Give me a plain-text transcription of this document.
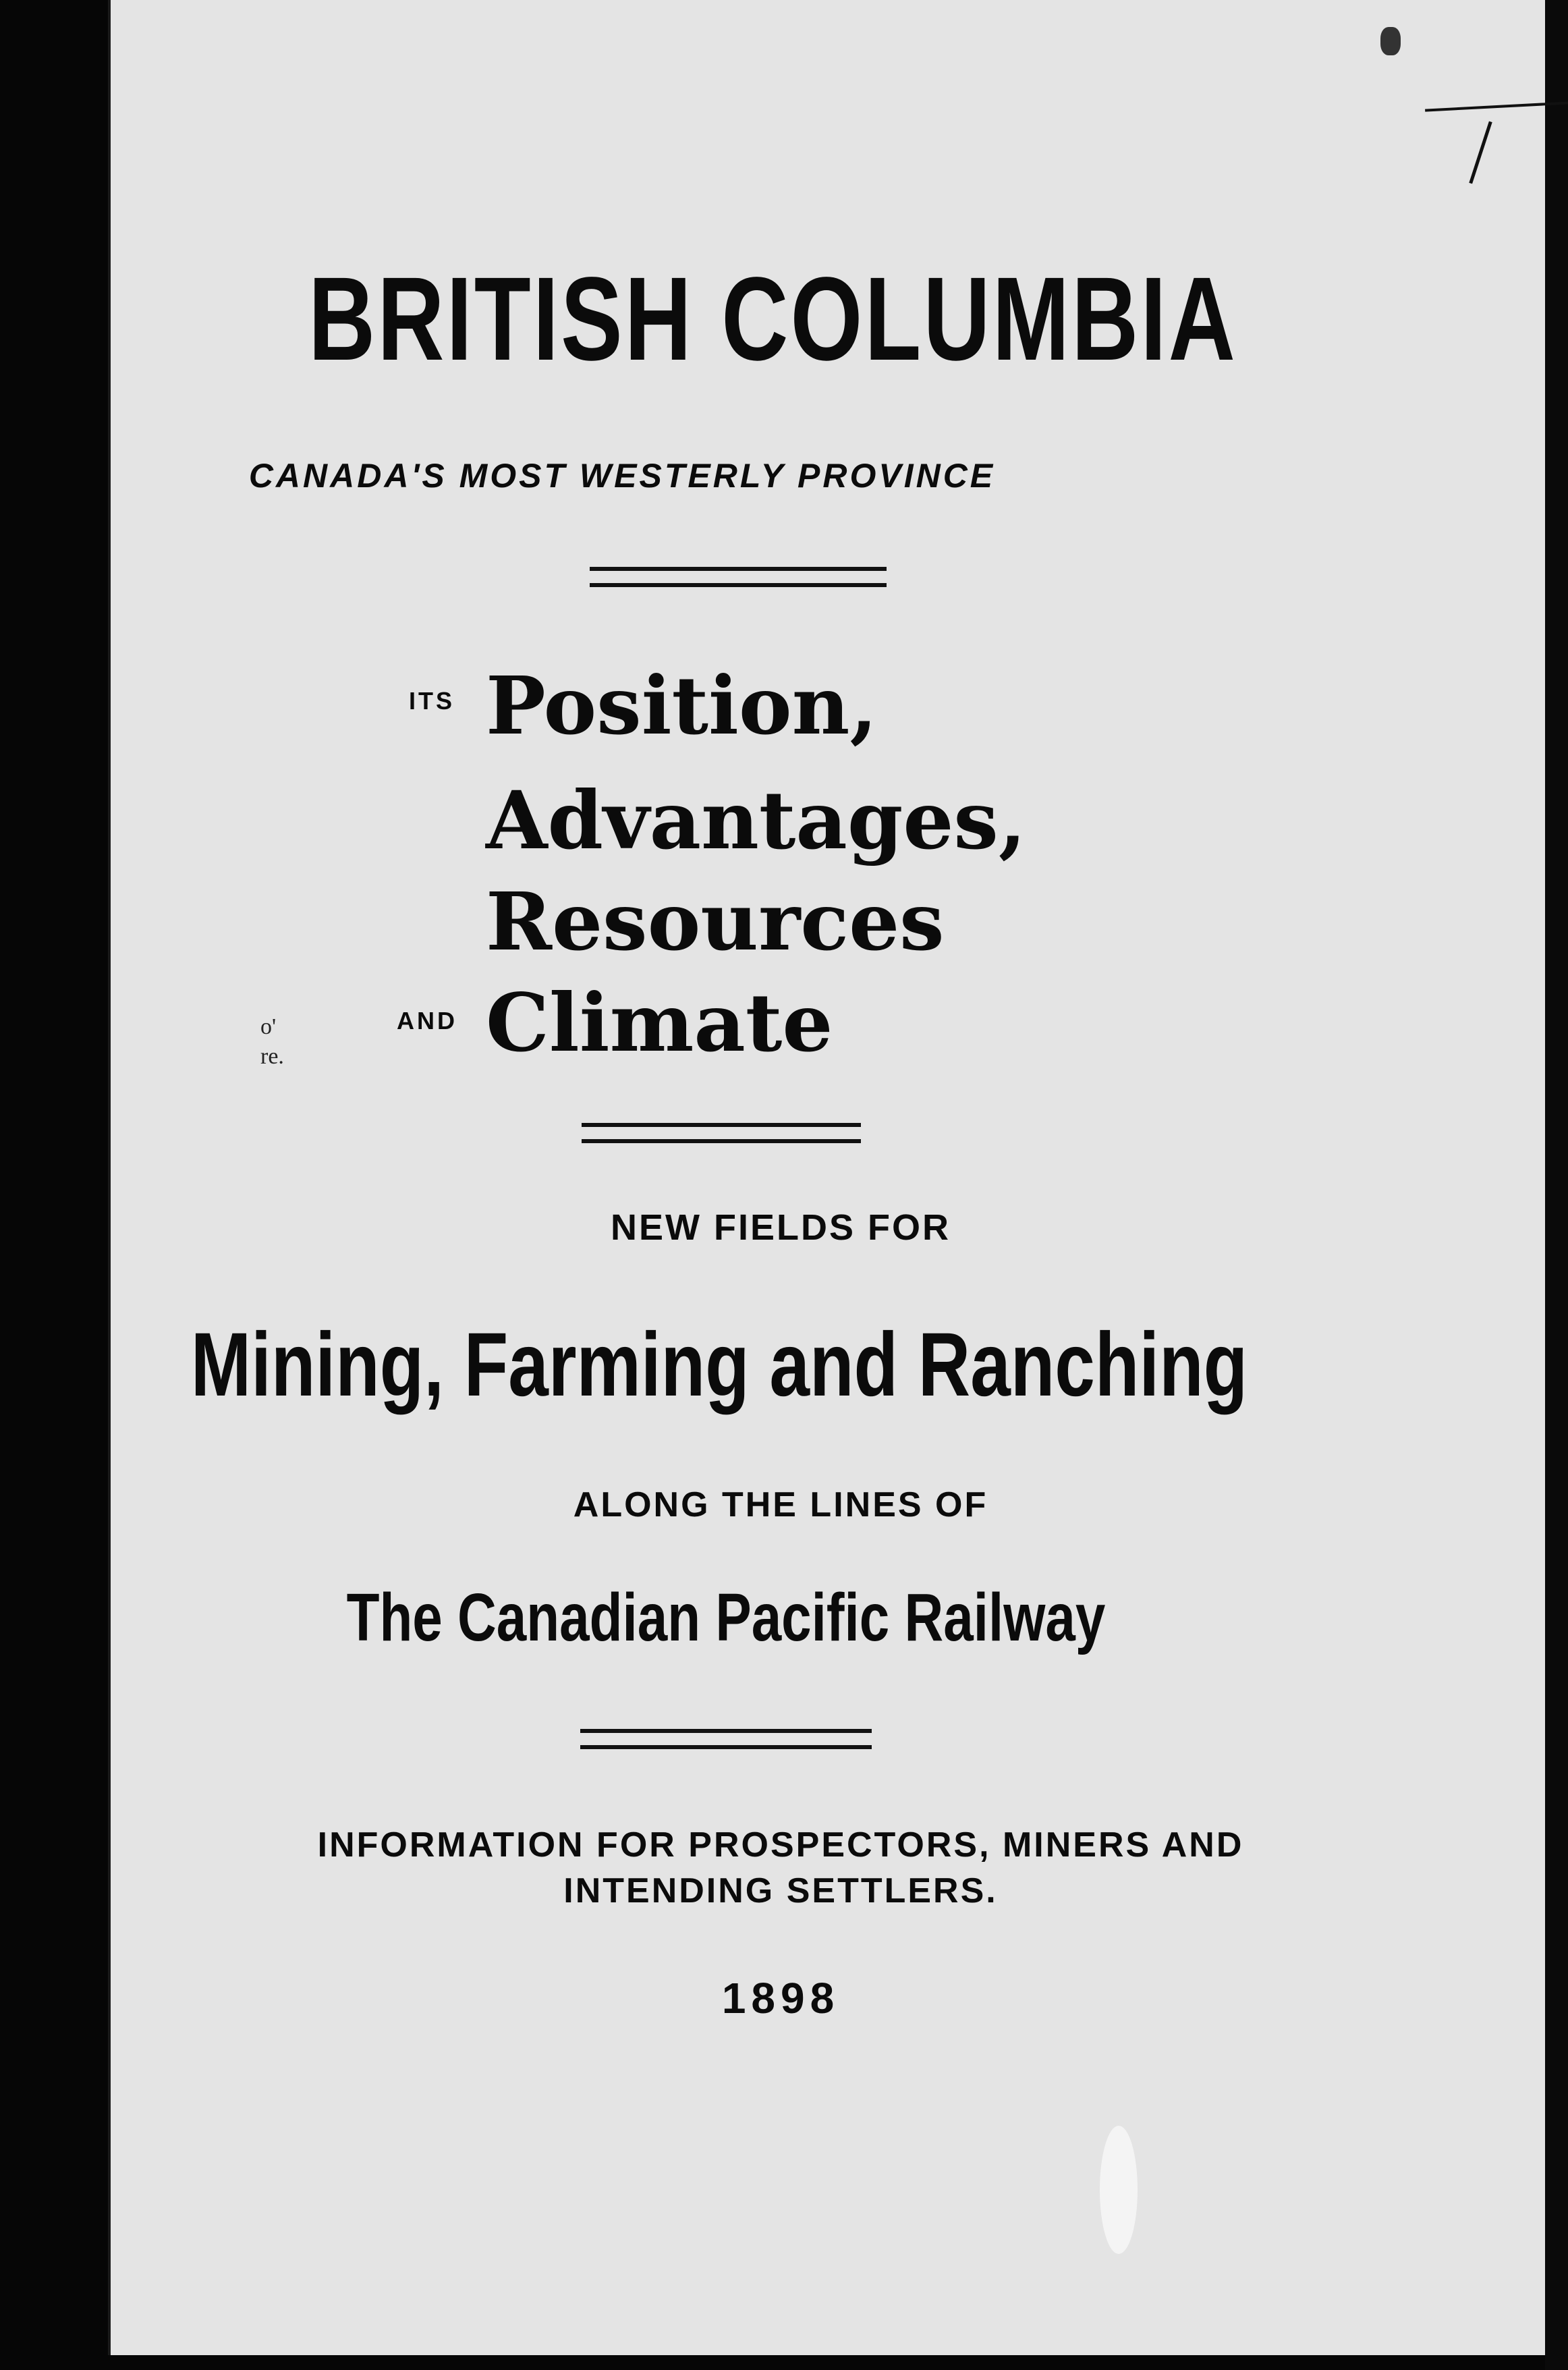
BRITISH COLUMBIA
CANADA'S MOST WESTERLY PROVINCE
ITS Position,
Advantages,
Resources
AND Climate
o'
re.
NEW FIELDS FOR
Mining, Farming and Ranching
ALONG THE LINES OF
The Canadian Pacific Railway
INFORMATION FOR PROSPECTORS, MINERS AND
INTENDING SETTLERS.
1898
